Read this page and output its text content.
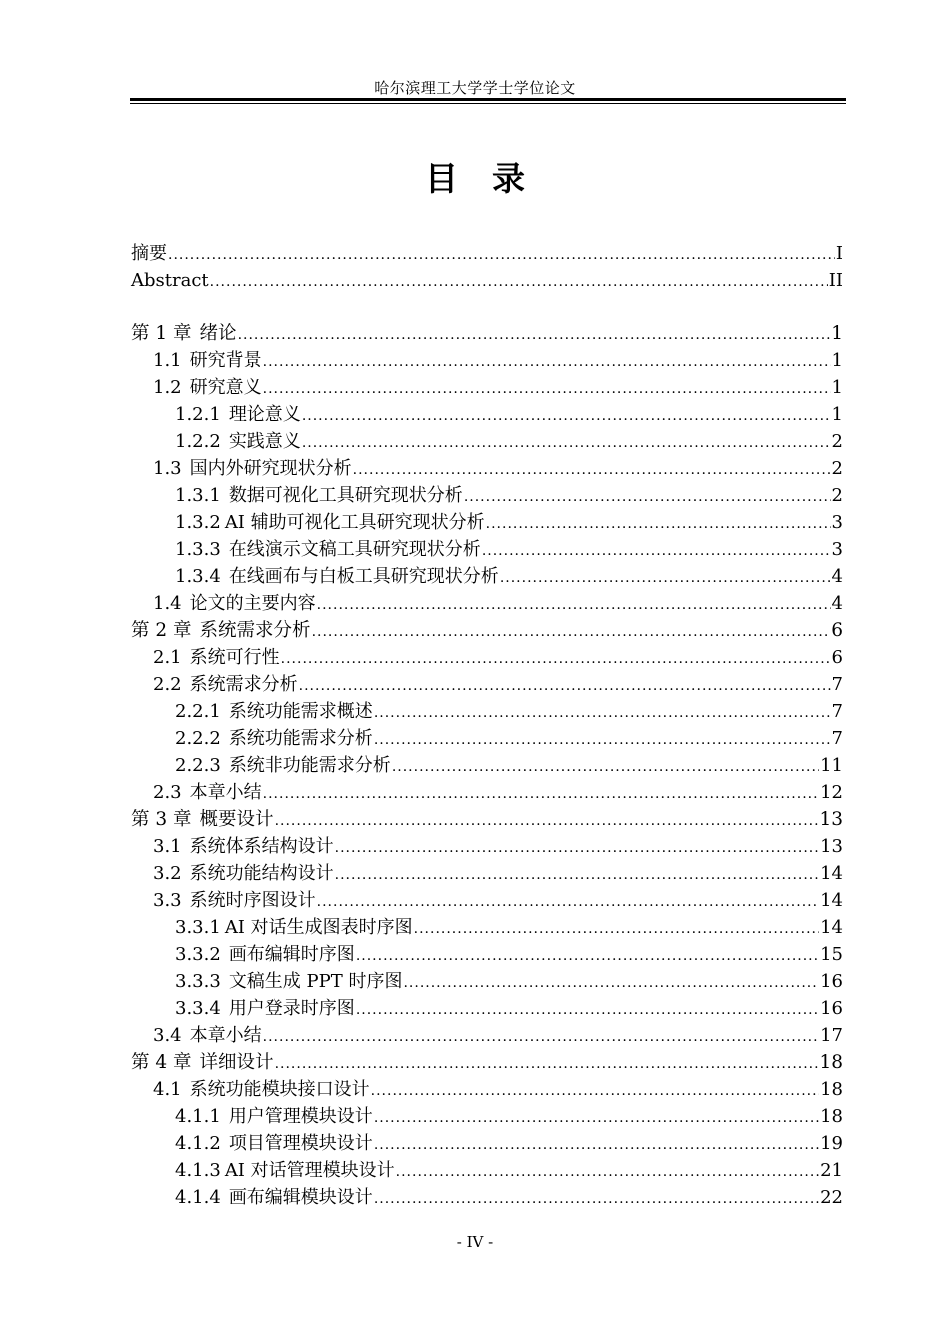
哈尔滨理工大学学士学位论文
目 录
摘要 .....	I
Abstract .....	II
第 1 章 绪论 .....	1
1.1 研究背景 .....	1
1.2 研究意义 .....	1
1.2.1 理论意义 .....	1
1.2.2 实践意义 .....	2
1.3 国内外研究现状分析 .....	2
1.3.1 数据可视化工具研究现状分析 .....	2
1.3.2 AI 辅助可视化工具研究现状分析 .....	3
1.3.3 在线演示文稿工具研究现状分析 .....	3
1.3.4 在线画布与白板工具研究现状分析 .....	4
1.4 论文的主要内容 .....	4
第 2 章 系统需求分析 .....	6
2.1 系统可行性 .....	6
2.2 系统需求分析 .....	7
2.2.1 系统功能需求概述 .....	7
2.2.2 系统功能需求分析 .....	7
2.2.3 系统非功能需求分析 .....	11
2.3 本章小结 .....	12
第 3 章 概要设计 .....	13
3.1 系统体系结构设计 .....	13
3.2 系统功能结构设计 .....	14
3.3 系统时序图设计 .....	14
3.3.1 AI 对话生成图表时序图 .....	14
3.3.2 画布编辑时序图 .....	15
3.3.3 文稿生成 PPT 时序图 .....	16
3.3.4 用户登录时序图 .....	16
3.4 本章小结 .....	17
第 4 章 详细设计 .....	18
4.1 系统功能模块接口设计 .....	18
4.1.1 用户管理模块设计 .....	18
4.1.2 项目管理模块设计 .....	19
4.1.3 AI 对话管理模块设计 .....	21
4.1.4 画布编辑模块设计 .....	22
- IV -
